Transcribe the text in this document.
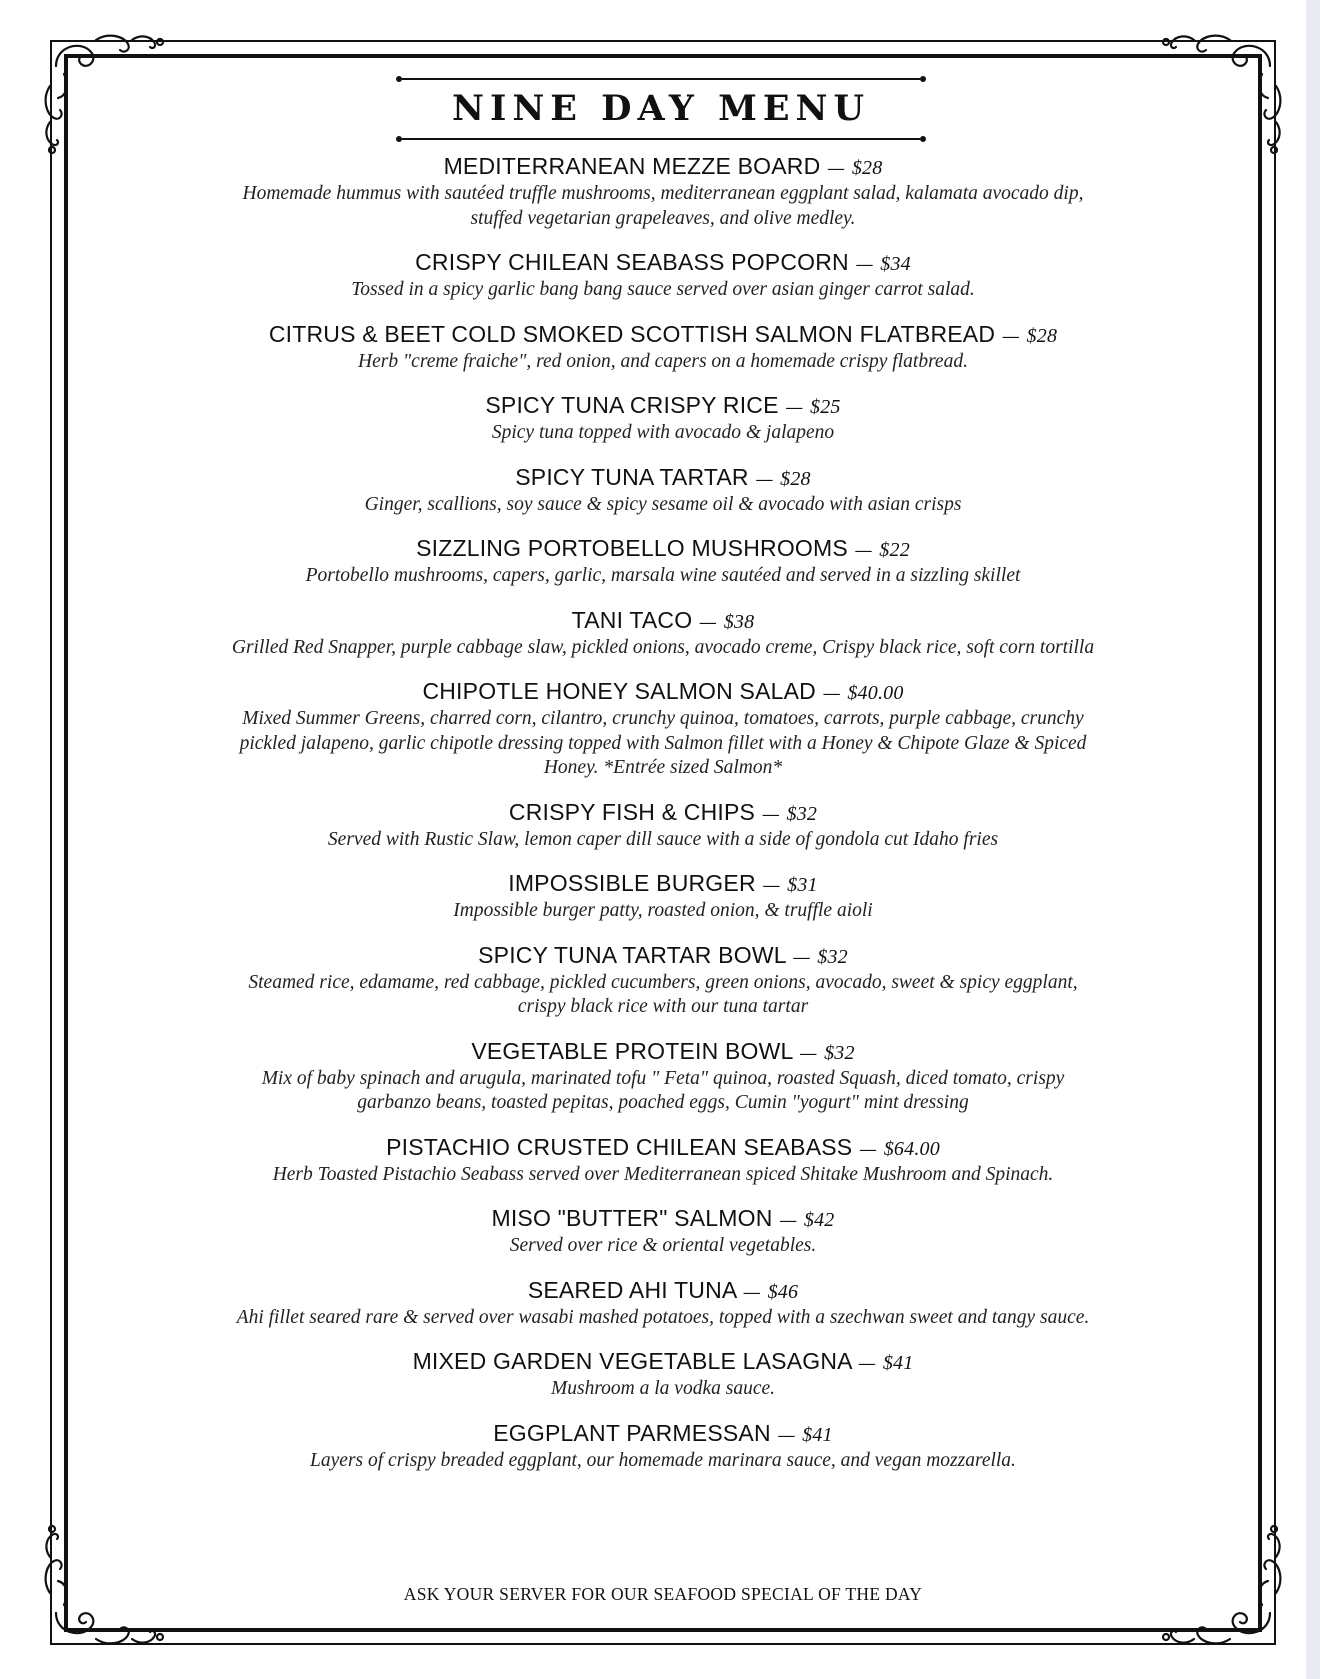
NINE DAY MENU
MEDITERRANEAN MEZZE BOARD — $28
Homemade hummus with sautéed truffle mushrooms, mediterranean eggplant salad, kalamata avocado dip,
stuffed vegetarian grapeleaves, and olive medley.
CRISPY CHILEAN SEABASS POPCORN — $34
Tossed in a spicy garlic bang bang sauce served over asian ginger carrot salad.
CITRUS & BEET COLD SMOKED SCOTTISH SALMON FLATBREAD — $28
Herb "creme fraiche", red onion, and capers on a homemade crispy flatbread.
SPICY TUNA CRISPY RICE — $25
Spicy tuna topped with avocado & jalapeno
SPICY TUNA TARTAR — $28
Ginger, scallions, soy sauce & spicy sesame oil & avocado with asian crisps
SIZZLING PORTOBELLO MUSHROOMS — $22
Portobello mushrooms, capers, garlic, marsala wine sautéed and served in a sizzling skillet
TANI TACO — $38
Grilled Red Snapper, purple cabbage slaw, pickled onions, avocado creme, Crispy black rice, soft corn tortilla
CHIPOTLE HONEY SALMON SALAD — $40.00
Mixed Summer Greens, charred corn, cilantro, crunchy quinoa, tomatoes, carrots, purple cabbage, crunchy
pickled jalapeno, garlic chipotle dressing topped with Salmon fillet with a Honey & Chipote Glaze & Spiced
Honey. *Entrée sized Salmon*
CRISPY FISH & CHIPS — $32
Served with Rustic Slaw, lemon caper dill sauce with a side of gondola cut Idaho fries
IMPOSSIBLE BURGER — $31
Impossible burger patty, roasted onion, & truffle aioli
SPICY TUNA TARTAR BOWL — $32
Steamed rice, edamame, red cabbage, pickled cucumbers, green onions, avocado, sweet & spicy eggplant,
crispy black rice with our tuna tartar
VEGETABLE PROTEIN BOWL — $32
Mix of baby spinach and arugula, marinated tofu " Feta" quinoa, roasted Squash, diced tomato, crispy
garbanzo beans, toasted pepitas, poached eggs, Cumin "yogurt" mint dressing
PISTACHIO CRUSTED CHILEAN SEABASS — $64.00
Herb Toasted Pistachio Seabass served over Mediterranean spiced Shitake Mushroom and Spinach.
MISO "BUTTER" SALMON — $42
Served over rice & oriental vegetables.
SEARED AHI TUNA — $46
Ahi fillet seared rare & served over wasabi mashed potatoes, topped with a szechwan sweet and tangy sauce.
MIXED GARDEN VEGETABLE LASAGNA — $41
Mushroom a la vodka sauce.
EGGPLANT PARMESSAN — $41
Layers of crispy breaded eggplant, our homemade marinara sauce, and vegan mozzarella.
ASK YOUR SERVER FOR OUR SEAFOOD SPECIAL OF THE DAY
